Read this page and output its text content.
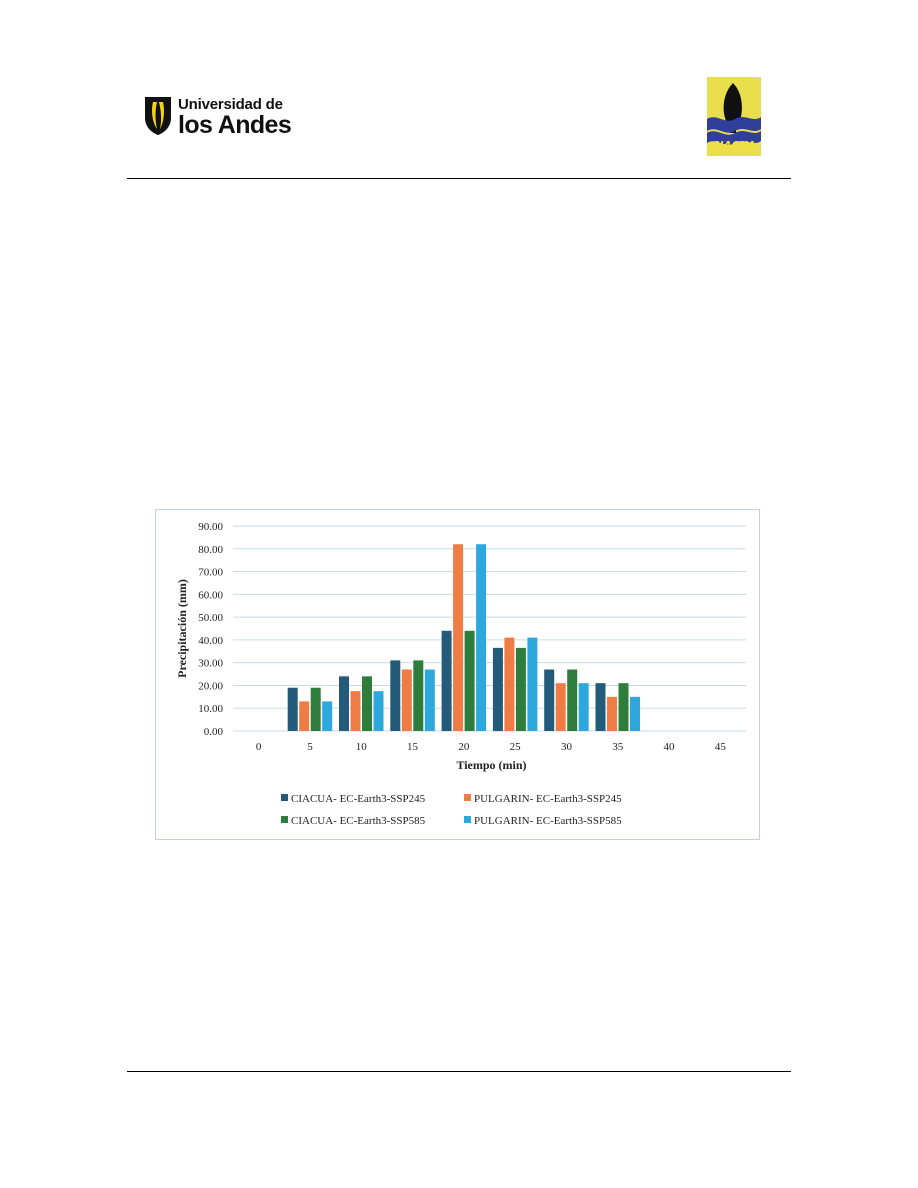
Universidad de
los Andes
CIACUA
0.00
10.00
20.00
30.00
40.00
50.00
60.00
70.00
80.00
90.00
0	5	10	15	20	25	30	35	40	45
Tiempo (min)
Precipitación (mm)
CIACUA- EC-Earth3-SSP245	PULGARIN- EC-Earth3-SSP245
CIACUA- EC-Earth3-SSP585	PULGARIN- EC-Earth3-SSP585
